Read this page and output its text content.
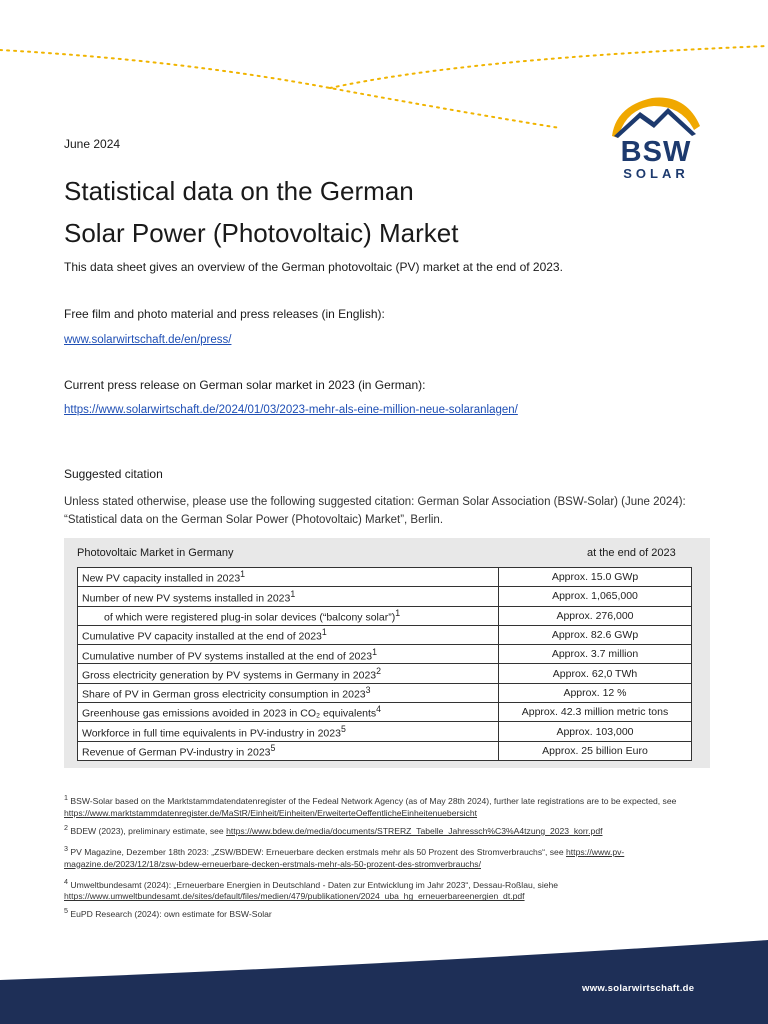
BSW
SOLAR
June 2024
Statistical data on the German
Solar Power (Photovoltaic) Market
This data sheet gives an overview of the German photovoltaic (PV) market at the end of 2023.
Free film and photo material and press releases (in English):
www.solarwirtschaft.de/en/press/
Current press release on German solar market in 2023 (in German):
https://www.solarwirtschaft.de/2024/01/03/2023-mehr-als-eine-million-neue-solaranlagen/
Suggested citation
Unless stated otherwise, please use the following suggested citation: German Solar Association (BSW-Solar) (June 2024): “Statistical data on the German Solar Power (Photovoltaic) Market”, Berlin.
Photovoltaic Market in Germany	at the end of 2023
New PV capacity installed in 2023$^1$	Approx. 15.0 GWp
Number of new PV systems installed in 2023$^1$	Approx. 1,065,000
of which were registered plug-in solar devices (“balcony solar”)$^1$	Approx. 276,000
Cumulative PV capacity installed at the end of 2023$^1$	Approx. 82.6 GWp
Cumulative number of PV systems installed at the end of 2023$^1$	Approx. 3.7 million
Gross electricity generation by PV systems in Germany in 2023$^2$	Approx. 62,0 TWh
Share of PV in German gross electricity consumption in 2023$^3$	Approx. 12 %
Greenhouse gas emissions avoided in 2023 in CO₂ equivalents$^4$	Approx. 42.3 million metric tons
Workforce in full time equivalents in PV-industry in 2023$^5$	Approx. 103,000
Revenue of German PV-industry in 2023$^5$	Approx. 25 billion Euro
$^1$ BSW-Solar based on the Marktstammdatendatenregister of the Fedeal Network Agency (as of May 28th 2024), further late registrations are to be expected, see https://www.marktstammdatenregister.de/MaStR/Einheit/Einheiten/ErweiterteOeffentlicheEinheitenuebersicht
$^2$ BDEW (2023), preliminary estimate, see https://www.bdew.de/media/documents/STRERZ_Tabelle_Jahressch%C3%A4tzung_2023_korr.pdf
$^3$ PV Magazine, Dezember 18th 2023: „ZSW/BDEW: Erneuerbare decken erstmals mehr als 50 Prozent des Stromverbrauchs“, see https://www.pv-magazine.de/2023/12/18/zsw-bdew-erneuerbare-decken-erstmals-mehr-als-50-prozent-des-stromverbrauchs/
$^4$ Umweltbundesamt (2024): „Erneuerbare Energien in Deutschland - Daten zur Entwicklung im Jahr 2023“, Dessau-Roßlau, siehe https://www.umweltbundesamt.de/sites/default/files/medien/479/publikationen/2024_uba_hg_erneuerbareenergien_dt.pdf
$^5$ EuPD Research (2024): own estimate for BSW-Solar
www.solarwirtschaft.de
